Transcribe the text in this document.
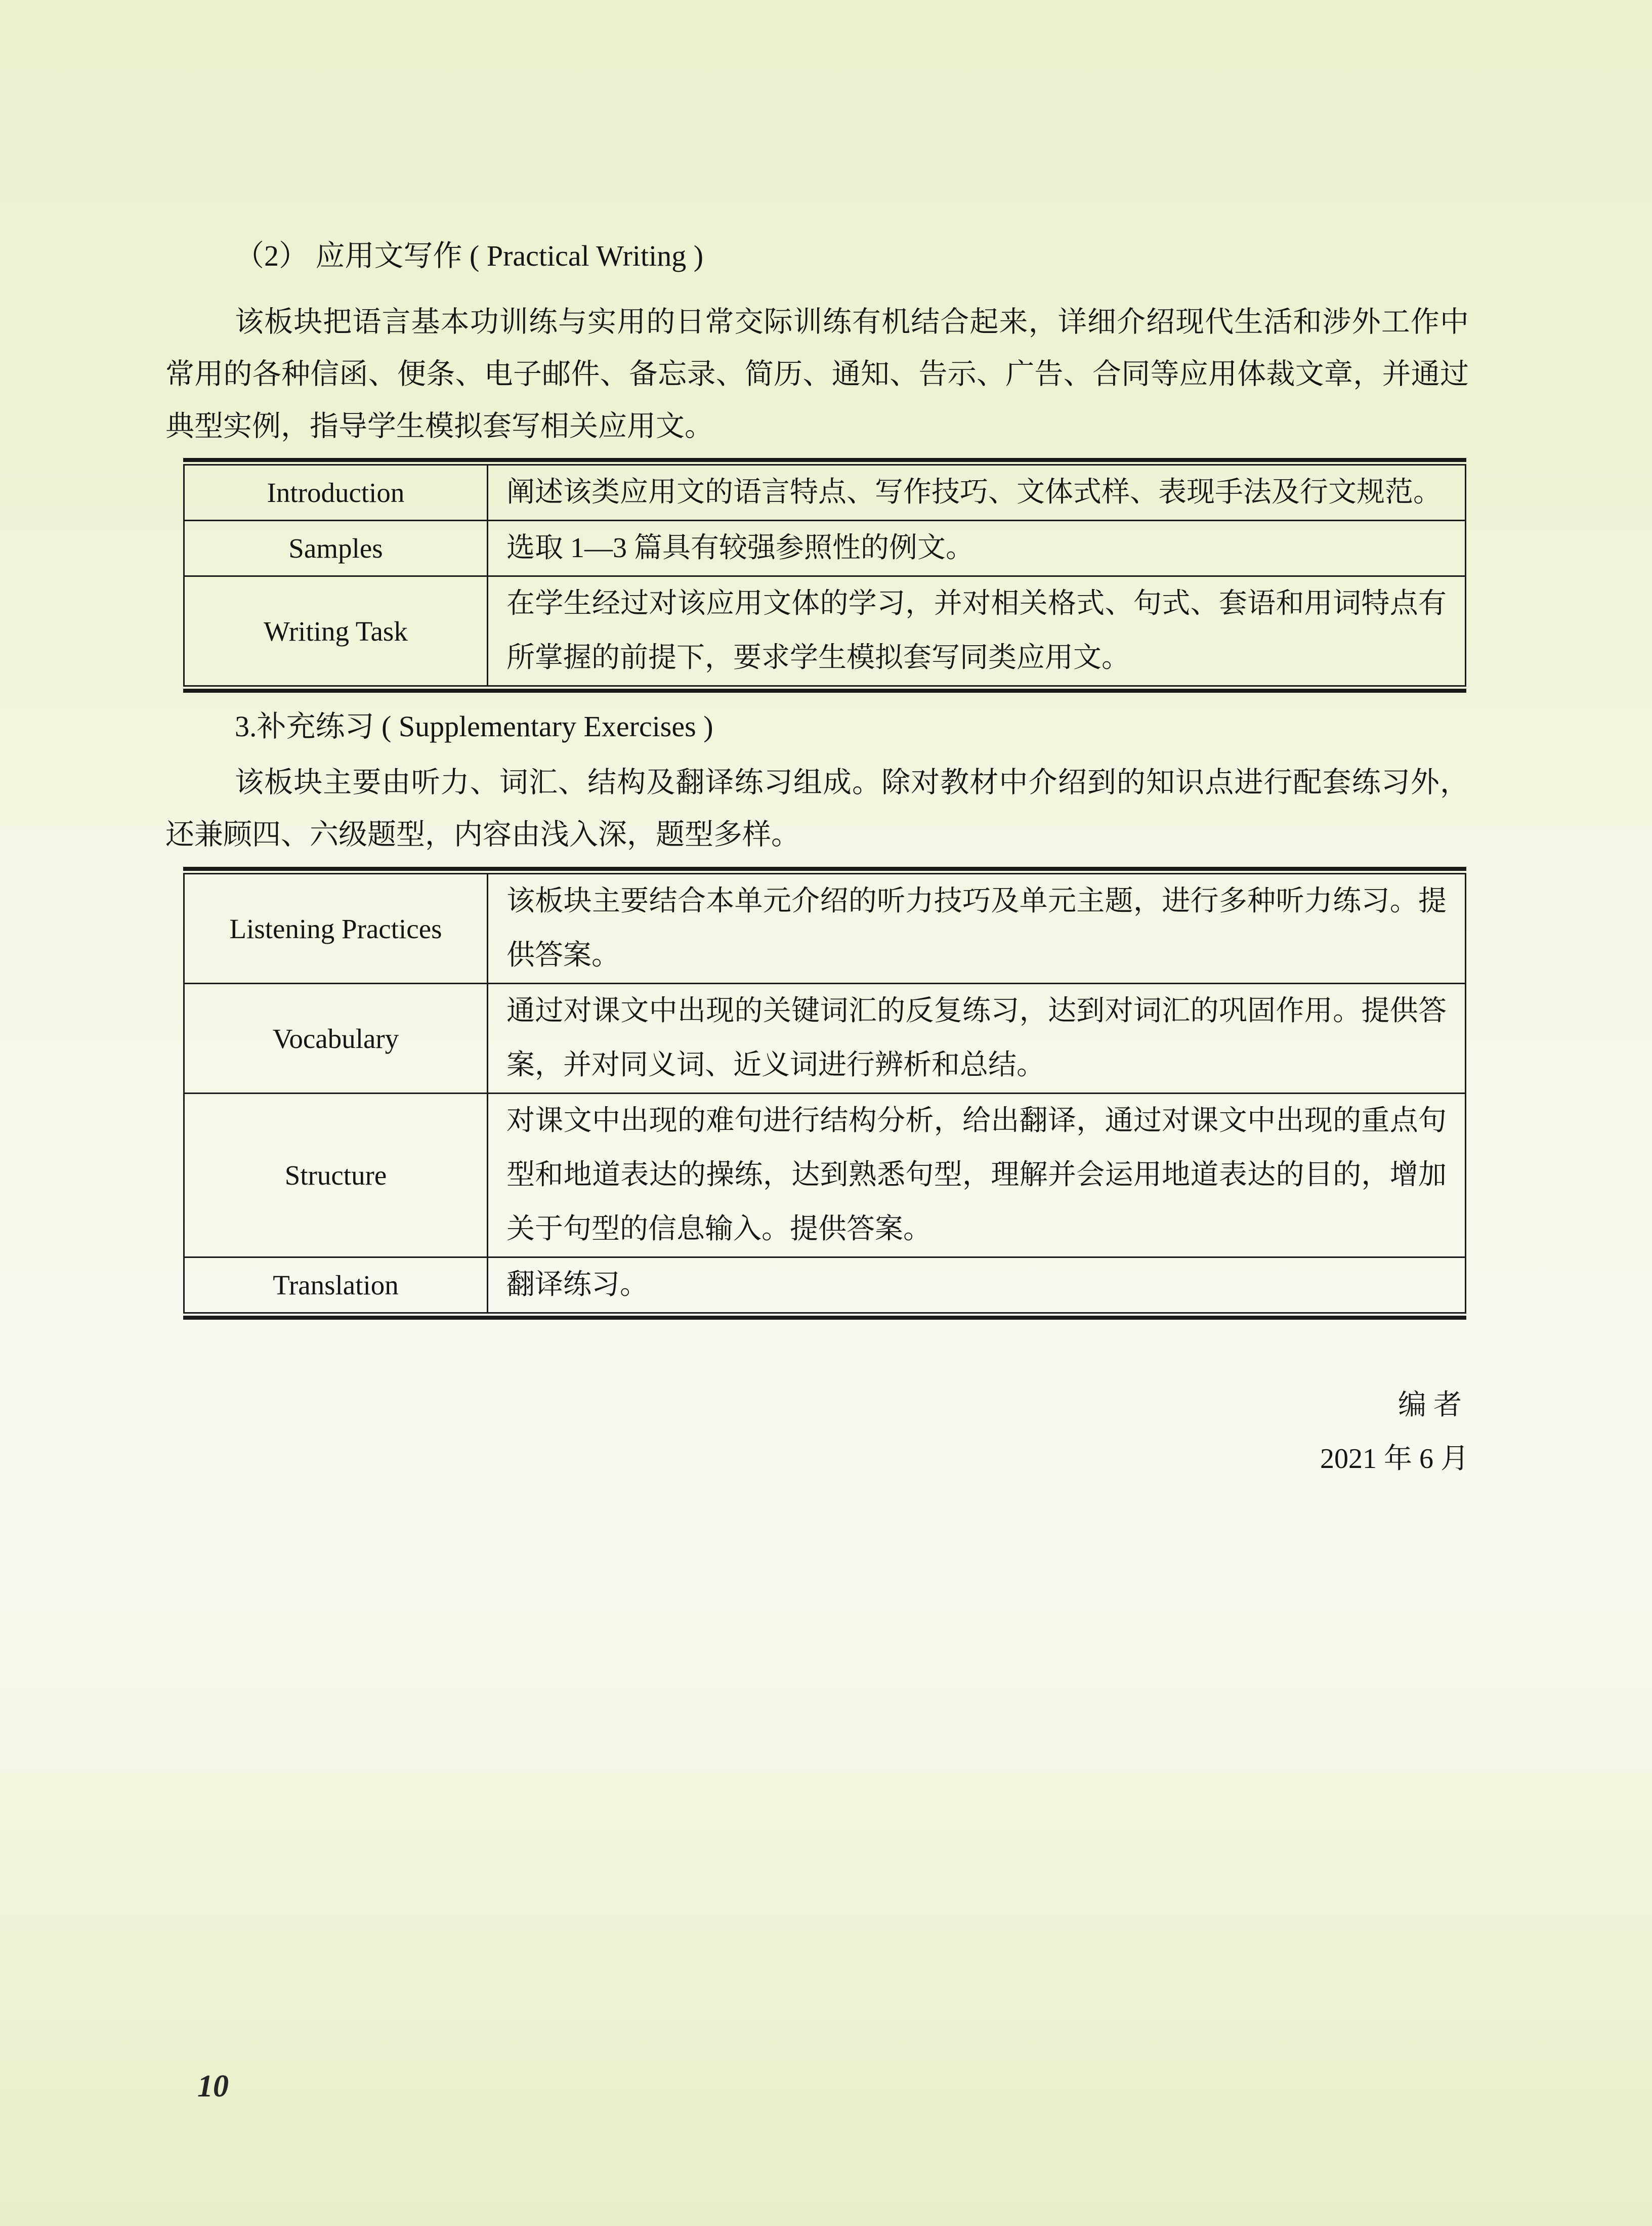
（2） 应用文写作 ( Practical Writing )

该板块把语言基本功训练与实用的日常交际训练有机结合起来，详细介绍现代生活和涉外工作中常用的各种信函、便条、电子邮件、备忘录、简历、通知、告示、广告、合同等应用体裁文章，并通过典型实例，指导学生模拟套写相关应用文。

Introduction	阐述该类应用文的语言特点、写作技巧、文体式样、表现手法及行文规范。
Samples	选取 1—3 篇具有较强参照性的例文。
Writing Task	在学生经过对该应用文体的学习，并对相关格式、句式、套语和用词特点有所掌握的前提下，要求学生模拟套写同类应用文。
3.补充练习 ( Supplementary Exercises )

该板块主要由听力、词汇、结构及翻译练习组成。除对教材中介绍到的知识点进行配套练习外，还兼顾四、六级题型，内容由浅入深，题型多样。

Listening Practices	该板块主要结合本单元介绍的听力技巧及单元主题，进行多种听力练习。提供答案。
Vocabulary	通过对课文中出现的关键词汇的反复练习，达到对词汇的巩固作用。提供答案，并对同义词、近义词进行辨析和总结。
Structure	对课文中出现的难句进行结构分析，给出翻译，通过对课文中出现的重点句型和地道表达的操练，达到熟悉句型，理解并会运用地道表达的目的，增加关于句型的信息输入。提供答案。
Translation	翻译练习。
编者
2021 年 6 月
10
